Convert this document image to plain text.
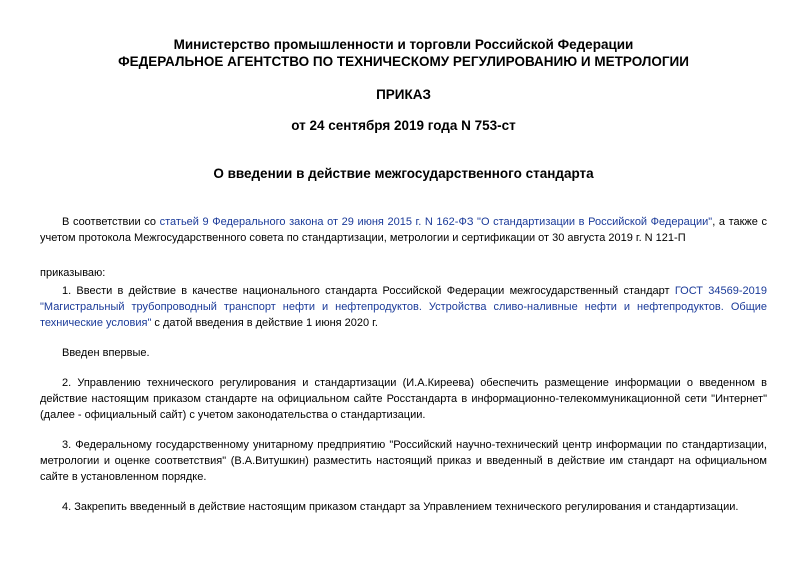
Министерство промышленности и торговли Российской Федерации

ФЕДЕРАЛЬНОЕ АГЕНТСТВО ПО ТЕХНИЧЕСКОМУ РЕГУЛИРОВАНИЮ И МЕТРОЛОГИИ

ПРИКАЗ

от 24 сентября 2019 года N 753-ст

О введении в действие межгосударственного стандарта

В соответствии со статьей 9 Федерального закона от 29 июня 2015 г. N 162-ФЗ "О стандартизации в Российской Федерации", а также с учетом протокола Межгосударственного совета по стандартизации, метрологии и сертификации от 30 августа 2019 г. N 121-П

приказываю:

1. Ввести в действие в качестве национального стандарта Российской Федерации межгосударственный стандарт ГОСТ 34569-2019 "Магистральный трубопроводный транспорт нефти и нефтепродуктов. Устройства сливо-наливные нефти и нефтепродуктов. Общие технические условия" с датой введения в действие 1 июня 2020 г.

Введен впервые.

2. Управлению технического регулирования и стандартизации (И.А.Киреева) обеспечить размещение информации о введенном в действие настоящим приказом стандарте на официальном сайте Росстандарта в информационно-телекоммуникационной сети "Интернет" (далее - официальный сайт) с учетом законодательства о стандартизации.

3. Федеральному государственному унитарному предприятию "Российский научно-технический центр информации по стандартизации, метрологии и оценке соответствия" (В.А.Витушкин) разместить настоящий приказ и введенный в действие им стандарт на официальном сайте в установленном порядке.

4. Закрепить введенный в действие настоящим приказом стандарт за Управлением технического регулирования и стандартизации.
